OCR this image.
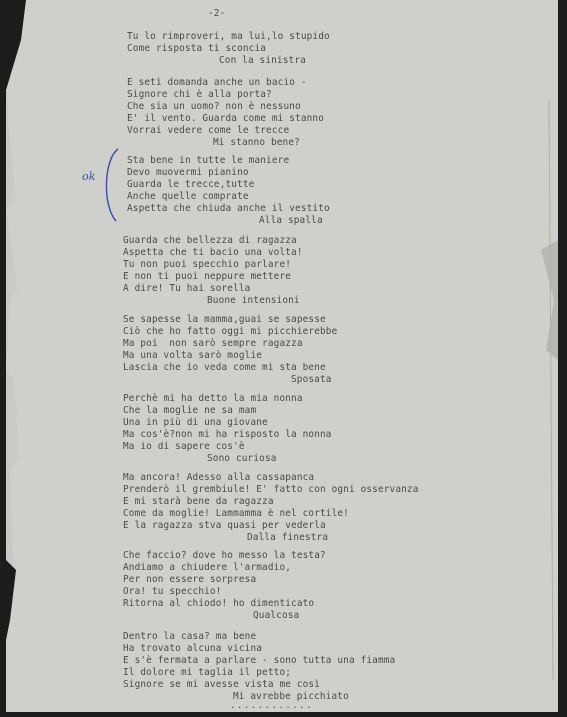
-2-
Tu lo rimproveri, ma lui,lo stupido
Come risposta ti sconcia
Con la sinistra
E seti domanda anche un bacio -
Signore chi è alla porta?
Che sia un uomo? non è nessuno
E' il vento. Guarda come mi stanno
Vorrai vedere come le trecce
Mi stanno bene?
Sta bene in tutte le maniere
Devo muovermi pianino
Guarda le trecce,tutte
Anche quelle comprate
Aspetta che chiuda anche il vestito
Alla spalla
Guarda che bellezza di ragazza
Aspetta che ti bacio una volta!
Tu non puoi specchio parlare!
E non ti puoi neppure mettere
A dire! Tu hai sorella
Buone intensioni
Se sapesse la mamma,guai se sapesse
Ciò che ho fatto oggi mi picchierebbe
Ma poi  non sarò sempre ragazza
Ma una volta sarò moglie
Lascia che io veda come mi sta bene
Sposata
Perchè mi ha detto la mia nonna
Che la moglie ne sa mam
Una in più di una giovane
Ma cos'è?non mi ha risposto la nonna
Ma io di sapere cos'è
Sono curiosa
Ma ancora! Adesso alla cassapanca
Prenderò il grembiule! E' fatto con ogni osservanza
E mi starà bene da ragazza
Come da moglie! Lammamma è nel cortile!
E la ragazza stva quasi per vederla
Dalla finestra
Che faccio? dove ho messo la testa?
Andiamo a chiudere l'armadio,
Per non essere sorpresa
Ora! tu specchio!
Ritorna al chiodo! ho dimenticato
Qualcosa
Dentro la casa? ma bene
Ha trovato alcuna vicina
E s'è fermata a parlare - sono tutta una fiamma
Il dolore mi taglia il petto;
Signore se mi avesse vista me così
Mi avrebbe picchiato
ok
............
